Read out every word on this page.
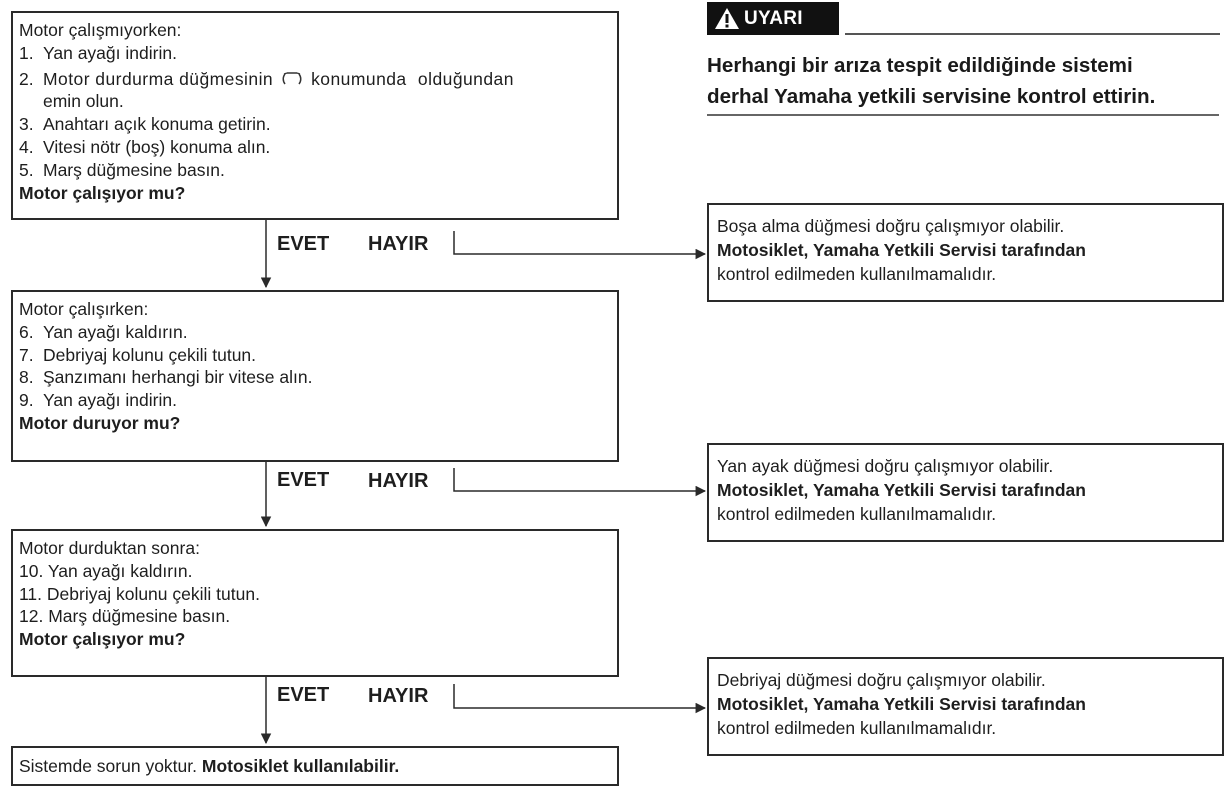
UYARI
Herhangi bir arıza tespit edildiğinde sistemi
derhal Yamaha yetkili servisine kontrol ettirin.
Motor çalışmıyorken:
1. Yan ayağı indirin.
2. Motor durdurma düğmesinin konumunda olduğundan
emin olun.
3. Anahtarı açık konuma getirin.
4. Vitesi nötr (boş) konuma alın.
5. Marş düğmesine basın.
Motor çalışıyor mu?
Motor çalışırken:
6. Yan ayağı kaldırın.
7. Debriyaj kolunu çekili tutun.
8. Şanzımanı herhangi bir vitese alın.
9. Yan ayağı indirin.
Motor duruyor mu?
Motor durduktan sonra:
10. Yan ayağı kaldırın.
11. Debriyaj kolunu çekili tutun.
12. Marş düğmesine basın.
Motor çalışıyor mu?
Sistemde sorun yoktur. Motosiklet kullanılabilir.
EVET HAYIR
EVET HAYIR
EVET HAYIR
Boşa alma düğmesi doğru çalışmıyor olabilir.
Motosiklet, Yamaha Yetkili Servisi tarafından
kontrol edilmeden kullanılmamalıdır.
Yan ayak düğmesi doğru çalışmıyor olabilir.
Motosiklet, Yamaha Yetkili Servisi tarafından
kontrol edilmeden kullanılmamalıdır.
Debriyaj düğmesi doğru çalışmıyor olabilir.
Motosiklet, Yamaha Yetkili Servisi tarafından
kontrol edilmeden kullanılmamalıdır.
